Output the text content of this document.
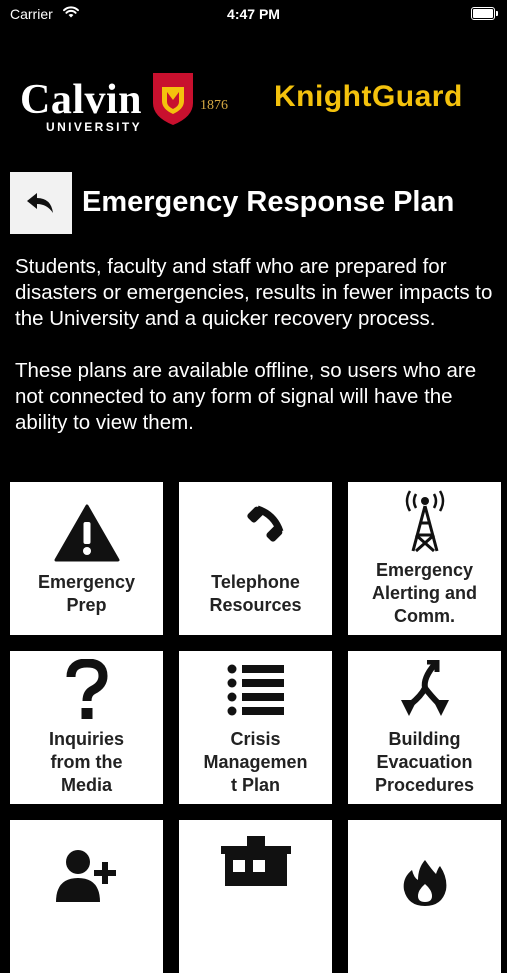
Carrier	4:47 PM
Calvin
UNIVERSITY
1876 KnightGuard
Emergency Response Plan

Students, faculty and staff who are prepared for disasters or emergencies, results in fewer impacts to the University and a quicker recovery process.

These plans are available offline, so users who are not connected to any form of signal will have the ability to view them.

Emergency
Prep
Telephone
Resources
Emergency
Alerting and
Comm.
Inquiries
from the
Media
Crisis
Managemen
t Plan
Building
Evacuation
Procedures
